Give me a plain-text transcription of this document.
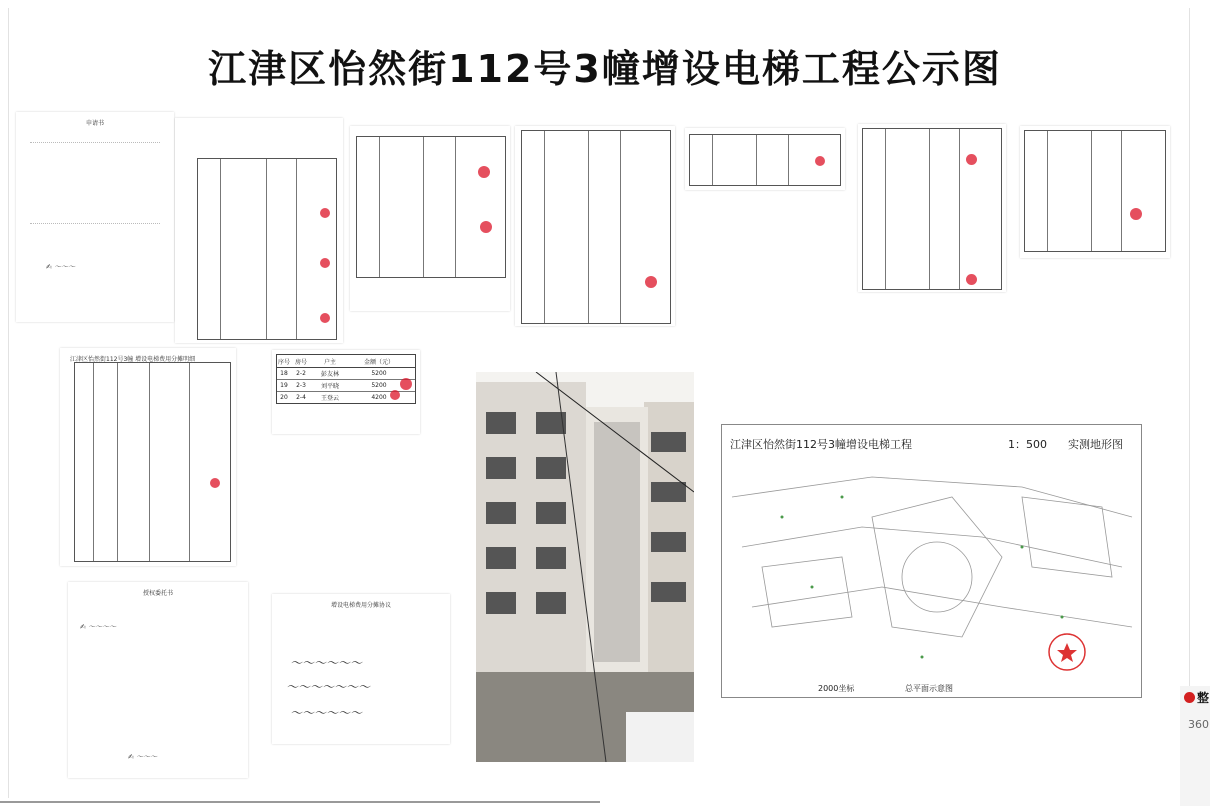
江津区怡然街112号3幢增设电梯工程公示图
申请书
✍ ～～～
江津区怡然街112号3幢 增设电梯费用分摊明细	序号 房号	户主	金额（元）
18	2-2	彭友林	5200
19	2-3	刘平晓	5200
20	2-4	王登云	4200
授权委托书
✍ ～～～～
✍ ～～～
增设电梯费用分摊协议
～～～～～～
～～～～～～～
～～～～～～
江津区怡然街112号3幢增设电梯工程	1：500 实测地形图
2000坐标	总平面示意图
整
360
